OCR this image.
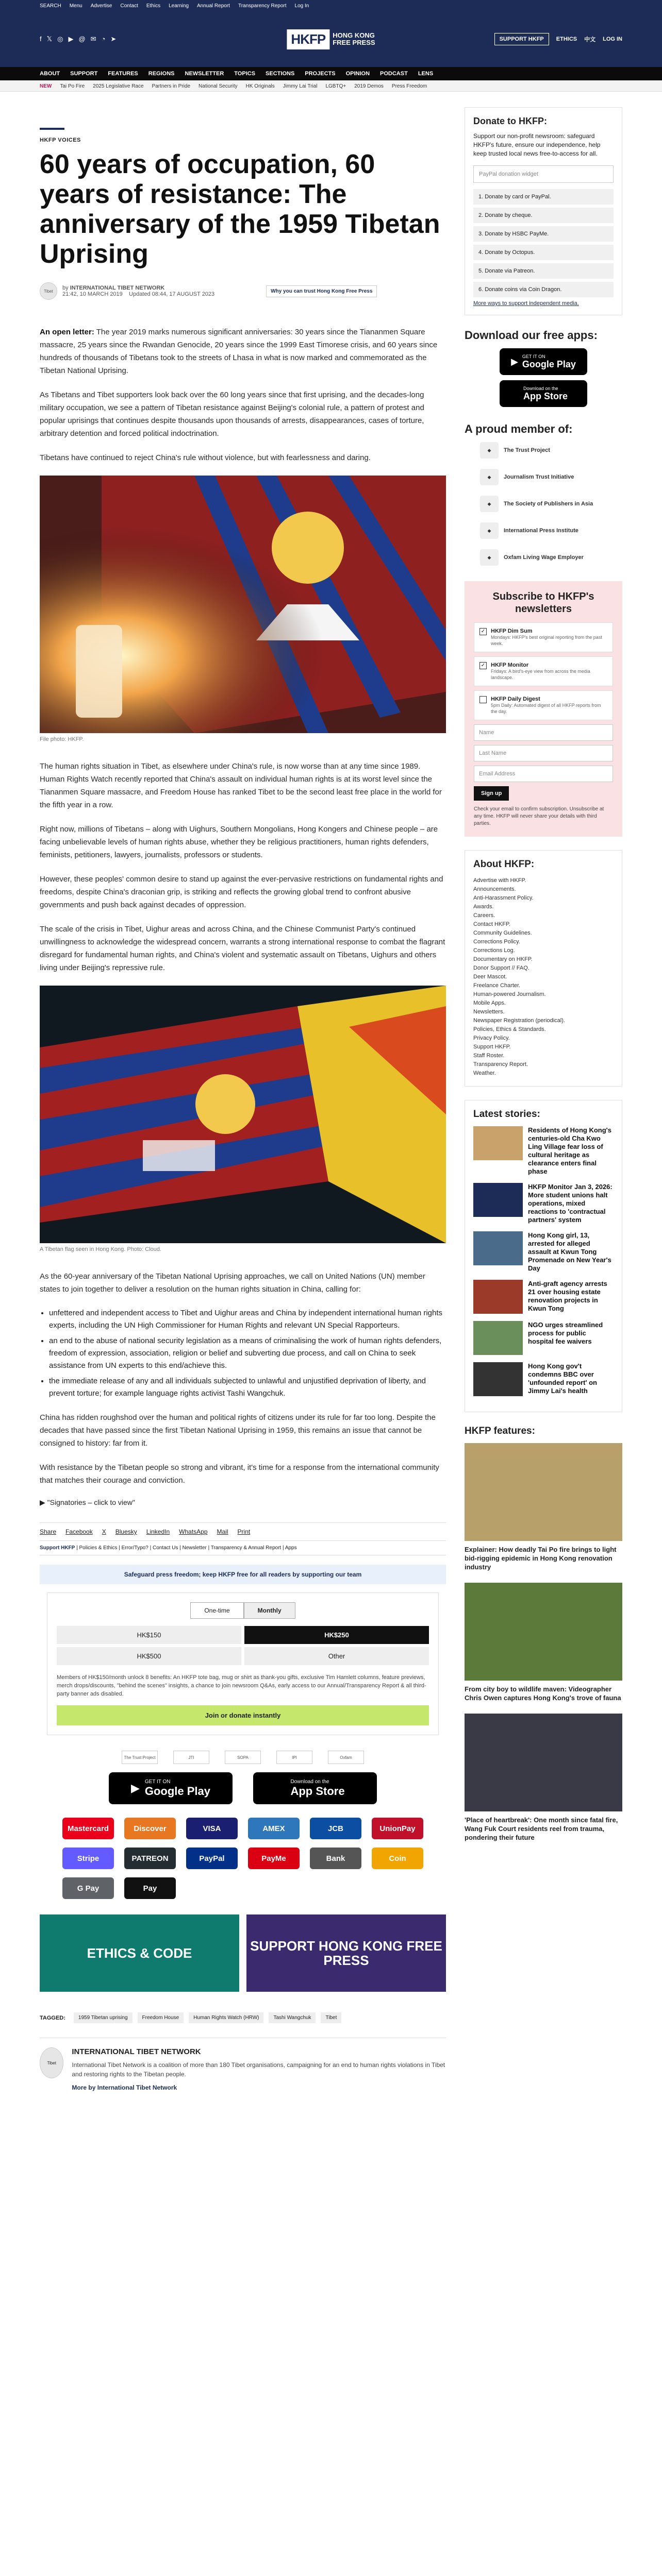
SEARCH Menu Advertise Contact Ethics Learning Annual Report Transparency Report Log In
f 𝕏 ◎ ▶ @ ✉ ◔ ➤	HKFP	HONG KONG
FREE PRESS	SUPPORT HKFP	ETHICS 中文 LOG IN
ABOUT SUPPORT FEATURES REGIONS NEWSLETTER TOPICS SECTIONS PROJECTS OPINION PODCAST LENS
NEW Tai Po Fire 2025 Legislative Race Partners in Pride National Security HK Originals Jimmy Lai Trial LGBTQ+ 2019 Demos Press Freedom
HKFP VOICES
60 years of occupation, 60 years of resistance: The anniversary of the 1959 Tibetan Uprising
Tibet	by INTERNATIONAL TIBET NETWORK
21:42, 10 MARCH 2019 Updated 08:44, 17 AUGUST 2023	Why you can trust Hong Kong Free Press

An open letter: The year 2019 marks numerous significant anniversaries: 30 years since the Tiananmen Square massacre, 25 years since the Rwandan Genocide, 20 years since the 1999 East Timorese crisis, and 60 years since hundreds of thousands of Tibetans took to the streets of Lhasa in what is now marked and commemorated as the Tibetan National Uprising.

As Tibetans and Tibet supporters look back over the 60 long years since that first uprising, and the decades-long military occupation, we see a pattern of Tibetan resistance against Beijing's colonial rule, a pattern of protest and popular uprisings that continues despite thousands upon thousands of arrests, disappearances, cases of torture, arbitrary detention and forced political indoctrination.

Tibetans have continued to reject China's rule without violence, but with fearlessness and daring.

File photo: HKFP.

The human rights situation in Tibet, as elsewhere under China's rule, is now worse than at any time since 1989. Human Rights Watch recently reported that China's assault on individual human rights is at its worst level since the Tiananmen Square massacre, and Freedom House has ranked Tibet to be the second least free place in the world for the fifth year in a row.

Right now, millions of Tibetans – along with Uighurs, Southern Mongolians, Hong Kongers and Chinese people – are facing unbelievable levels of human rights abuse, whether they be religious practitioners, human rights defenders, feminists, petitioners, lawyers, journalists, professors or students.

However, these peoples' common desire to stand up against the ever-pervasive restrictions on fundamental rights and freedoms, despite China's draconian grip, is striking and reflects the growing global trend to confront abusive governments and push back against decades of oppression.

The scale of the crisis in Tibet, Uighur areas and across China, and the Chinese Communist Party's continued unwillingness to acknowledge the widespread concern, warrants a strong international response to combat the flagrant disregard for fundamental human rights, and China's violent and systematic assault on Tibetans, Uighurs and others living under Beijing's repressive rule.

A Tibetan flag seen in Hong Kong. Photo: Cloud.

As the 60-year anniversary of the Tibetan National Uprising approaches, we call on United Nations (UN) member states to join together to deliver a resolution on the human rights situation in China, calling for:

• unfettered and independent access to Tibet and Uighur areas and China by independent international human rights experts, including the UN High Commissioner for Human Rights and relevant UN Special Rapporteurs.
• an end to the abuse of national security legislation as a means of criminalising the work of human rights defenders, freedom of expression, association, religion or belief and subverting due process, and call on China to seek assistance from UN experts to this end/achieve this.
• the immediate release of any and all individuals subjected to unlawful and unjustified deprivation of liberty, and prevent torture; for example language rights activist Tashi Wangchuk.

China has ridden roughshod over the human and political rights of citizens under its rule for far too long. Despite the decades that have passed since the first Tibetan National Uprising in 1959, this remains an issue that cannot be consigned to history: far from it.

With resistance by the Tibetan people so strong and vibrant, it's time for a response from the international community that matches their courage and conviction.

▶ "Signatories – click to view"
Share Facebook X Bluesky LinkedIn WhatsApp Mail Print
Support HKFP | Policies & Ethics | Error/Typo? | Contact Us | Newsletter | Transparency & Annual Report | Apps
Safeguard press freedom; keep HKFP free for all readers by supporting our team
One-time	Monthly
HK$150	HK$250
HK$500	Other
Members of HK$150/month unlock 8 benefits: An HKFP tote bag, mug or shirt as thank-you gifts, exclusive Tim Hamlett columns, feature previews, merch drops/discounts, "behind the scenes" insights, a chance to join newsroom Q&As, early access to our Annual/Transparency Report & all third-party banner ads disabled.
Join or donate instantly
The Trust Project	JTI	SOPA	IPI	Oxfam
▶ GET IT ON
Google Play
Download on the
App Store
Mastercard	Discover	VISA	AMEX	JCB	UnionPay
Stripe	PATREON	PayPal	PayMe	Bank	Coin
G Pay	Pay
ETHICS & CODE	SUPPORT HONG KONG FREE PRESS
TAGGED:	1959 Tibetan uprising	Freedom House	Human Rights Watch (HRW)	Tashi Wangchuk	Tibet
Tibet
INTERNATIONAL TIBET NETWORK

International Tibet Network is a coalition of more than 180 Tibet organisations, campaigning for an end to human rights violations in Tibet and restoring rights to the Tibetan people.

More by International Tibet Network
Donate to HKFP:
Support our non-profit newsroom: safeguard HKFP's future, ensure our independence, help keep trusted local news free-to-access for all.
PayPal donation widget
1. Donate by card or PayPal.
2. Donate by cheque.
3. Donate by HSBC PayMe.
4. Donate by Octopus.
5. Donate via Patreon.
6. Donate coins via Coin Dragon.
More ways to support independent media.
Download our free apps:
▶ GET IT ON
Google Play
Download on the
App Store
A proud member of:
◆	The Trust Project
◆	Journalism Trust Initiative
◆	The Society of Publishers in Asia
◆	International Press Institute
◆	Oxfam Living Wage Employer
Subscribe to HKFP's newsletters
✓ HKFP Dim Sum
Mondays: HKFP's best original reporting from the past week.
✓ HKFP Monitor
Fridays: A bird's-eye view from across the media landscape.
HKFP Daily Digest
5pm Daily: Automated digest of all HKFP reports from the day.
Name
Last Name
Email Address
Sign up
Check your email to confirm subscription. Unsubscribe at any time. HKFP will never share your details with third parties.
About HKFP:
Advertise with HKFP.
Announcements.
Anti-Harassment Policy.
Awards.
Careers.
Contact HKFP.
Community Guidelines.
Corrections Policy.
Corrections Log.
Documentary on HKFP.
Donor Support // FAQ.
Deer Mascot.
Freelance Charter.
Human-powered Journalism.
Mobile Apps.
Newsletters.
Newspaper Registration (periodical).
Policies, Ethics & Standards.
Privacy Policy.
Support HKFP.
Staff Roster.
Transparency Report.
Weather.
Latest stories:
Residents of Hong Kong's centuries-old Cha Kwo Ling Village fear loss of cultural heritage as clearance enters final phase
HKFP Monitor Jan 3, 2026: More student unions halt operations, mixed reactions to 'contractual partners' system
Hong Kong girl, 13, arrested for alleged assault at Kwun Tong Promenade on New Year's Day
Anti-graft agency arrests 21 over housing estate renovation projects in Kwun Tong
NGO urges streamlined process for public hospital fee waivers
Hong Kong gov't condemns BBC over 'unfounded report' on Jimmy Lai's health
HKFP features:
Explainer: How deadly Tai Po fire brings to light bid-rigging epidemic in Hong Kong renovation industry
From city boy to wildlife maven: Videographer Chris Owen captures Hong Kong's trove of fauna
'Place of heartbreak': One month since fatal fire, Wang Fuk Court residents reel from trauma, pondering their future
